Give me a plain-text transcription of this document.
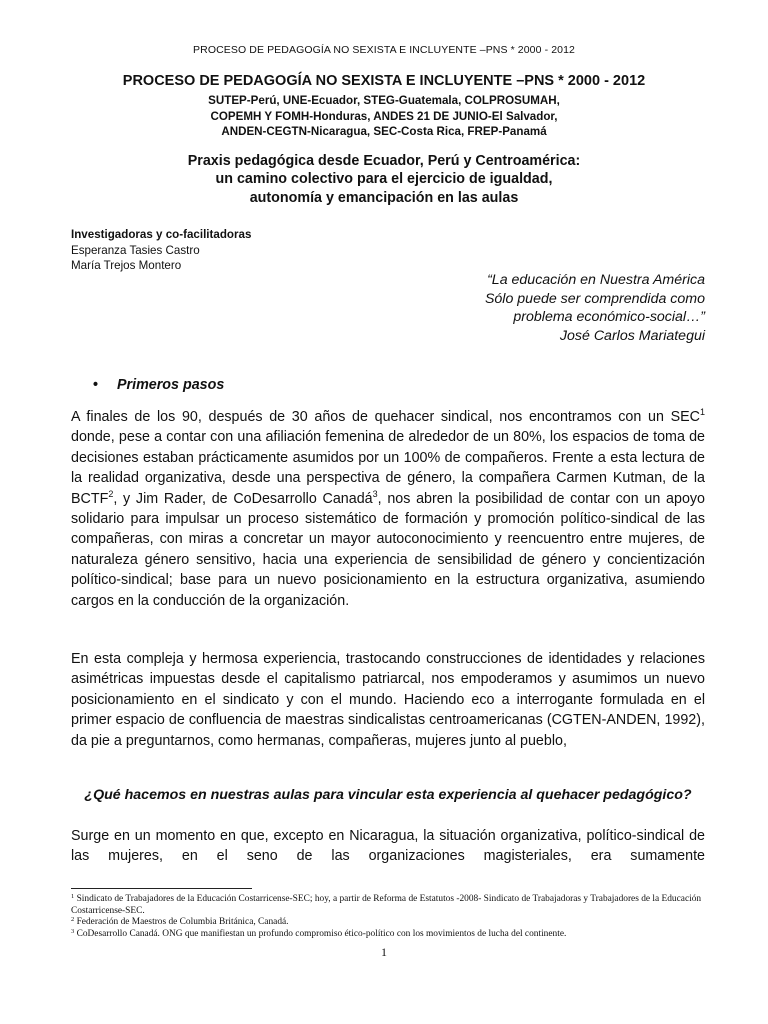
PROCESO DE PEDAGOGÍA NO SEXISTA E INCLUYENTE –PNS * 2000 - 2012
PROCESO DE PEDAGOGÍA NO SEXISTA E INCLUYENTE –PNS * 2000 - 2012
SUTEP-Perú, UNE-Ecuador, STEG-Guatemala, COLPROSUMAH,
COPEMH Y FOMH-Honduras, ANDES 21 DE JUNIO-El Salvador,
ANDEN-CEGTN-Nicaragua, SEC-Costa Rica, FREP-Panamá
Praxis pedagógica desde Ecuador, Perú y Centroamérica:
un camino colectivo para el ejercicio de igualdad,
autonomía y emancipación en las aulas
Investigadoras y co-facilitadoras
Esperanza Tasies Castro
María Trejos Montero
“La educación en Nuestra América
Sólo puede ser comprendida como
problema económico-social…”
José Carlos Mariategui
• Primeros pasos

A finales de los 90, después de 30 años de quehacer sindical, nos encontramos con un SEC$^1$ donde, pese a contar con una afiliación femenina de alrededor de un 80%, los espacios de toma de decisiones estaban prácticamente asumidos por un 100% de compañeros. Frente a esta lectura de la realidad organizativa, desde una perspectiva de género, la compañera Carmen Kutman, de la BCTF$^2$, y Jim Rader, de CoDesarrollo Canadá$^3$, nos abren la posibilidad de contar con un apoyo solidario para impulsar un proceso sistemático de formación y promoción político-sindical de las compañeras, con miras a concretar un mayor autoconocimiento y reencuentro entre mujeres, de naturaleza género sensitivo, hacia una experiencia de sensibilidad de género y concientización político-sindical; base para un nuevo posicionamiento en la estructura organizativa, asumiendo cargos en la conducción de la organización.

En esta compleja y hermosa experiencia, trastocando construcciones de identidades y relaciones asimétricas impuestas desde el capitalismo patriarcal, nos empoderamos y asumimos un nuevo posicionamiento en el sindicato y con el mundo. Haciendo eco a interrogante formulada en el primer espacio de confluencia de maestras sindicalistas centroamericanas (CGTEN-ANDEN, 1992), da pie a preguntarnos, como hermanas, compañeras, mujeres junto al pueblo,

¿Qué hacemos en nuestras aulas para vincular esta experiencia al quehacer pedagógico?

Surge en un momento en que, excepto en Nicaragua, la situación organizativa, político-sindical de las mujeres, en el seno de las organizaciones magisteriales, era sumamente

$^1$ Sindicato de Trabajadores de la Educación Costarricense-SEC; hoy, a partir de Reforma de Estatutos -2008- Sindicato de Trabajadoras y Trabajadores de la Educación Costarricense-SEC.
$^2$ Federación de Maestros de Columbia Británica, Canadá.
$^3$ CoDesarrollo Canadá. ONG que manifiestan un profundo compromiso ético-político con los movimientos de lucha del continente.
1
